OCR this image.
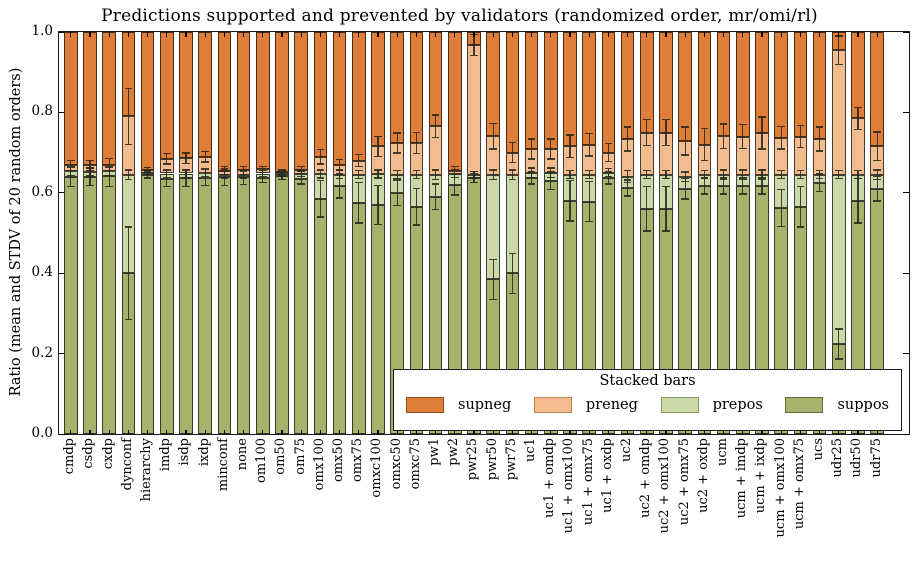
Predictions supported and prevented by validators (randomized order, mr/omi/rl)
Ratio (mean and STDV of 20 random orders)	Stacked bars
supneg	preneg	prepos	suppos
0.0
0.2
0.4
0.6
0.8
1.0
cmdp csdp cxdp dynconf hierarchy imdp isdp ixdp minconf none om100 om50 om75 omx100 omx50 omx75 omxc100 omxc50 omxc75 pw1 pw2 pwr25 pwr50 pwr75 uc1 uc1 + omdp uc1 + omx100 uc1 + omx75 uc1 + oxdp uc2 uc2 + omdp uc2 + omx100 uc2 + omx75 uc2 + oxdp ucm ucm + imdp ucm + ixdp ucm + omx100 ucm + omx75 ucs udr25 udr50 udr75
